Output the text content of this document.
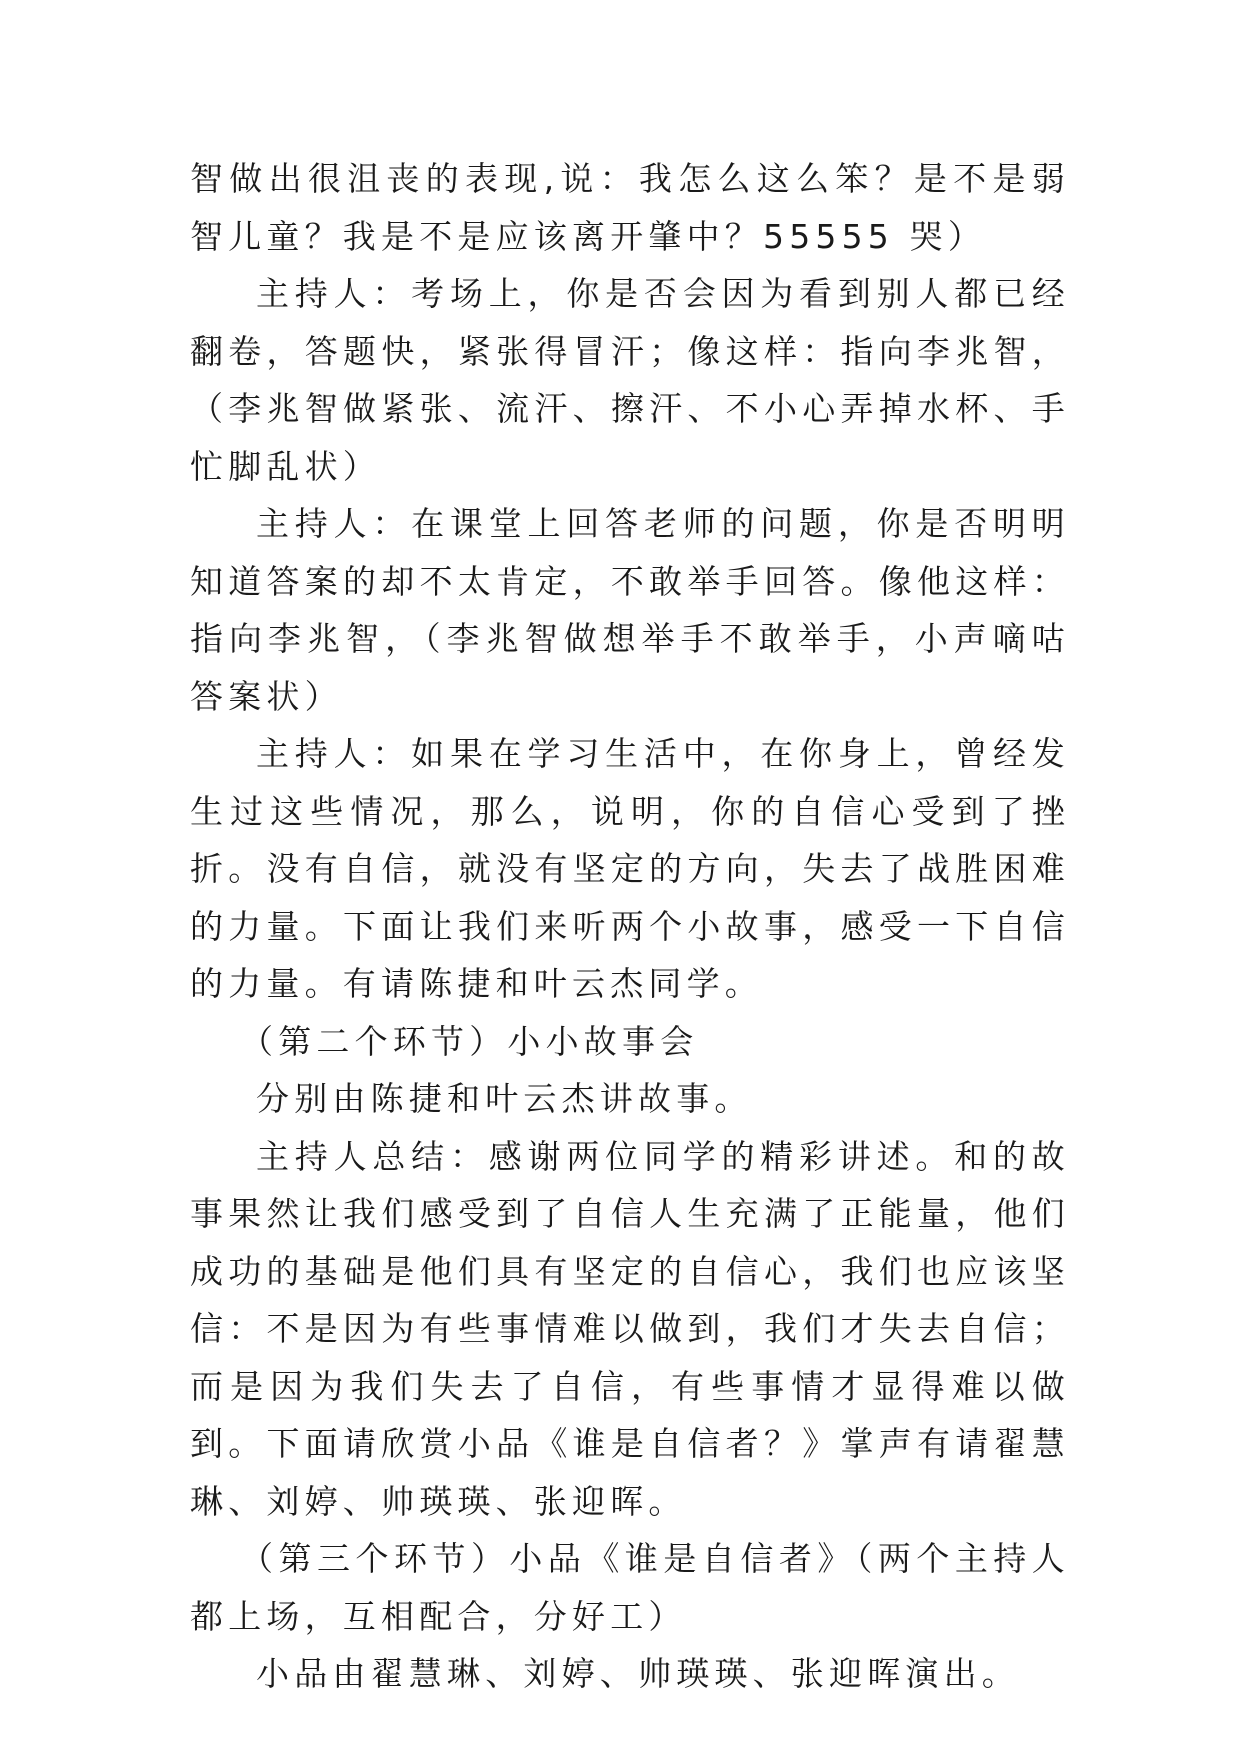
智做出很沮丧的表现,说：我怎么这么笨？是不是弱智儿童？我是不是应该离开肇中？55555 哭）

主持人：考场上，你是否会因为看到别人都已经翻卷，答题快，紧张得冒汗；像这样：指向李兆智，（李兆智做紧张、流汗、擦汗、不小心弄掉水杯、手忙脚乱状）

主持人：在课堂上回答老师的问题，你是否明明知道答案的却不太肯定，不敢举手回答。像他这样：指向李兆智，（李兆智做想举手不敢举手，小声嘀咕答案状）

主持人：如果在学习生活中，在你身上，曾经发生过这些情况，那么，说明，你的自信心受到了挫折。没有自信，就没有坚定的方向，失去了战胜困难的力量。下面让我们来听两个小故事，感受一下自信的力量。有请陈捷和叶云杰同学。

（第二个环节）小小故事会

分别由陈捷和叶云杰讲故事。

主持人总结：感谢两位同学的精彩讲述。和的故事果然让我们感受到了自信人生充满了正能量，他们成功的基础是他们具有坚定的自信心，我们也应该坚信：不是因为有些事情难以做到，我们才失去自信；而是因为我们失去了自信，有些事情才显得难以做到。下面请欣赏小品《谁是自信者？》掌声有请翟慧琳、刘婷、帅瑛瑛、张迎晖。

（第三个环节）小品《谁是自信者》（两个主持人都上场，互相配合，分好工）

小品由翟慧琳、刘婷、帅瑛瑛、张迎晖演出。
